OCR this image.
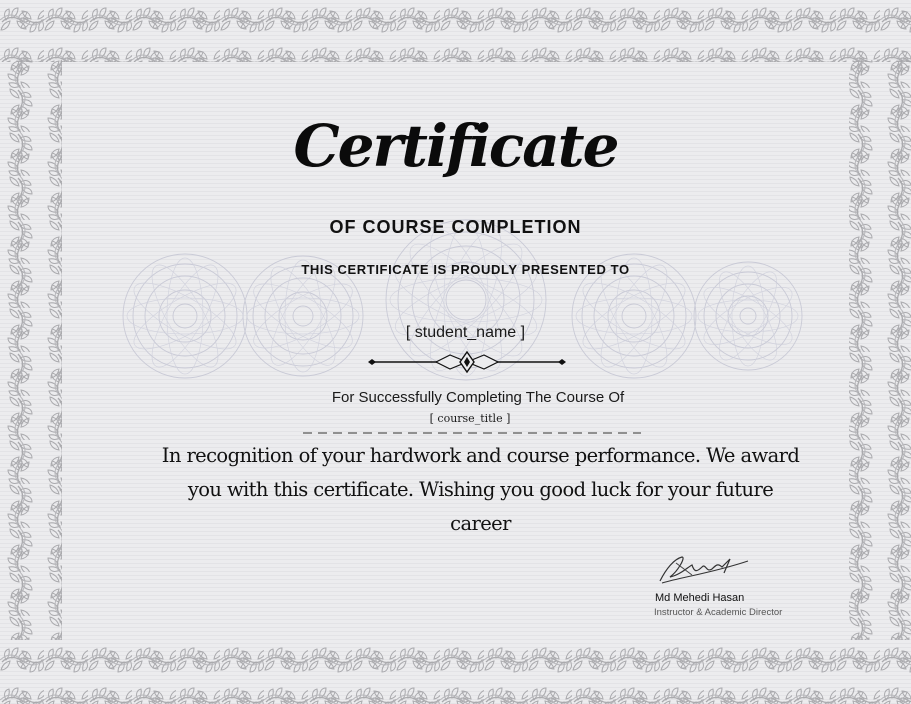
Certificate
OF COURSE COMPLETION
THIS CERTIFICATE IS PROUDLY PRESENTED TO
[ student_name ]
For Successfully Completing The Course Of
[ course_title ]
In recognition of your hardwork and course performance. We award you with this certificate. Wishing you good luck for your future career
Md Mehedi Hasan
Instructor & Academic Director
